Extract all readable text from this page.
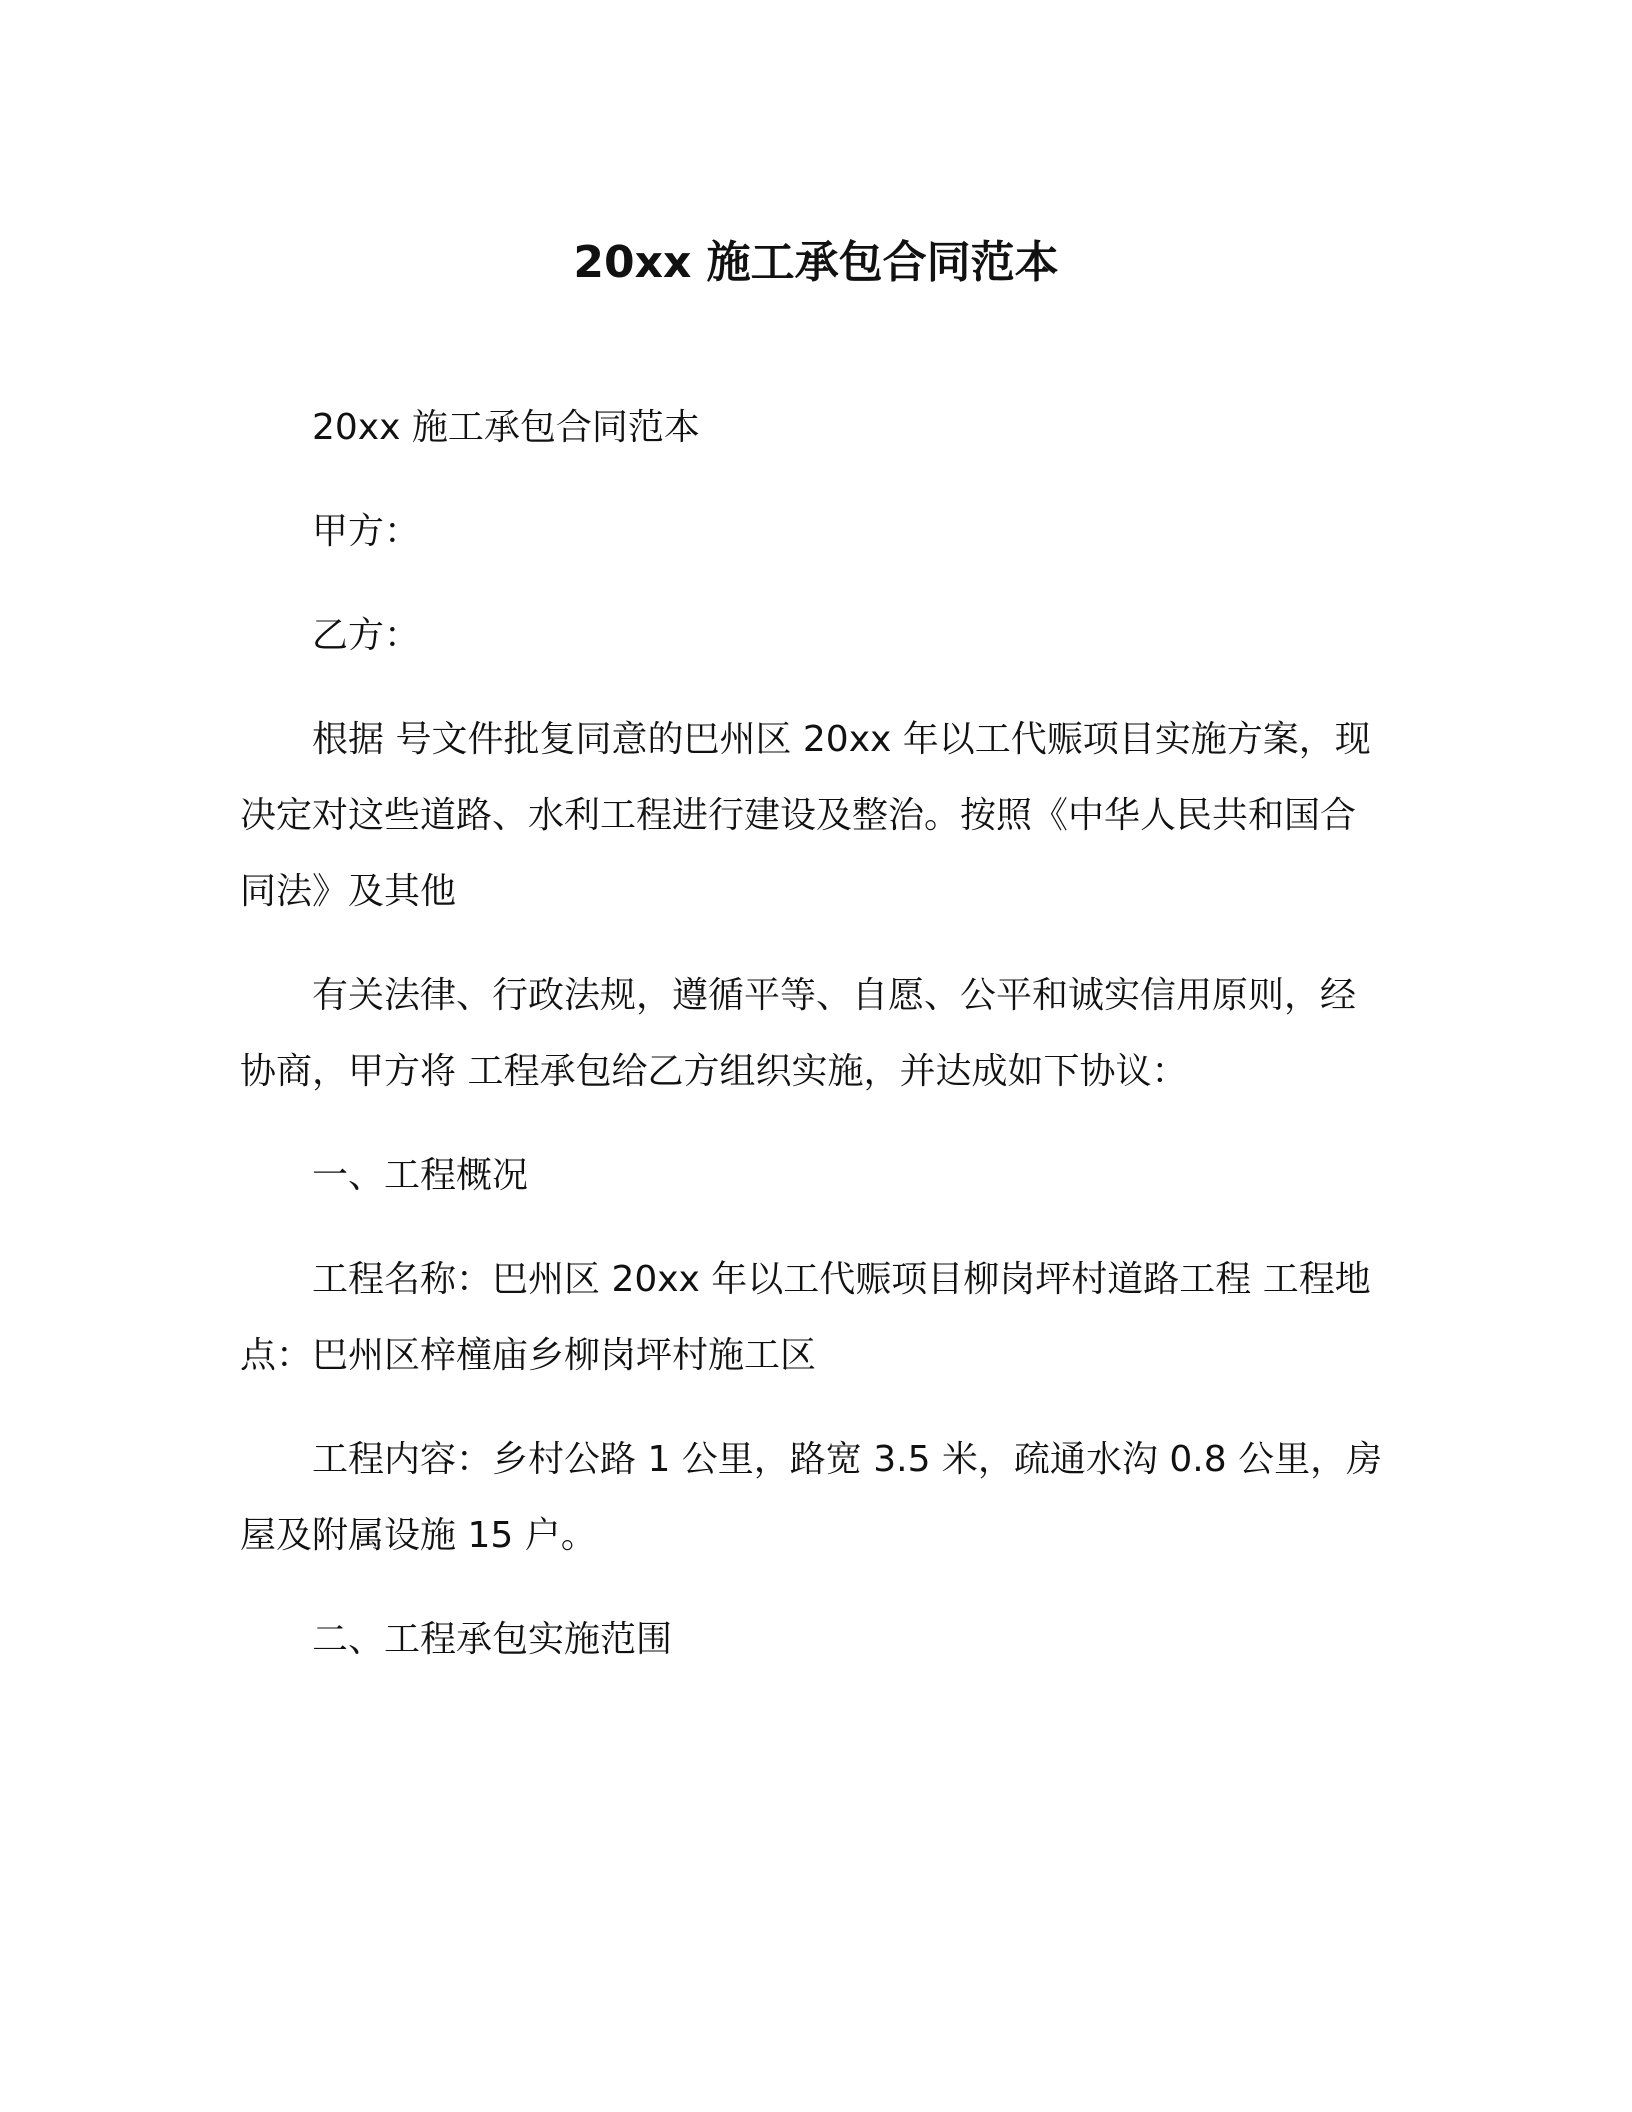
20xx 施工承包合同范本

20xx 施工承包合同范本

甲方：

乙方：

根据 号文件批复同意的巴州区 20xx 年以工代赈项目实施方案，现决定对这些道路、水利工程进行建设及整治。按照《中华人民共和国合同法》及其他

有关法律、行政法规，遵循平等、自愿、公平和诚实信用原则，经协商，甲方将 工程承包给乙方组织实施，并达成如下协议：

一、工程概况

工程名称：巴州区 20xx 年以工代赈项目柳岗坪村道路工程 工程地点：巴州区梓橦庙乡柳岗坪村施工区

工程内容：乡村公路 1 公里，路宽 3.5 米，疏通水沟 0.8 公里，房屋及附属设施 15 户。

二、工程承包实施范围
